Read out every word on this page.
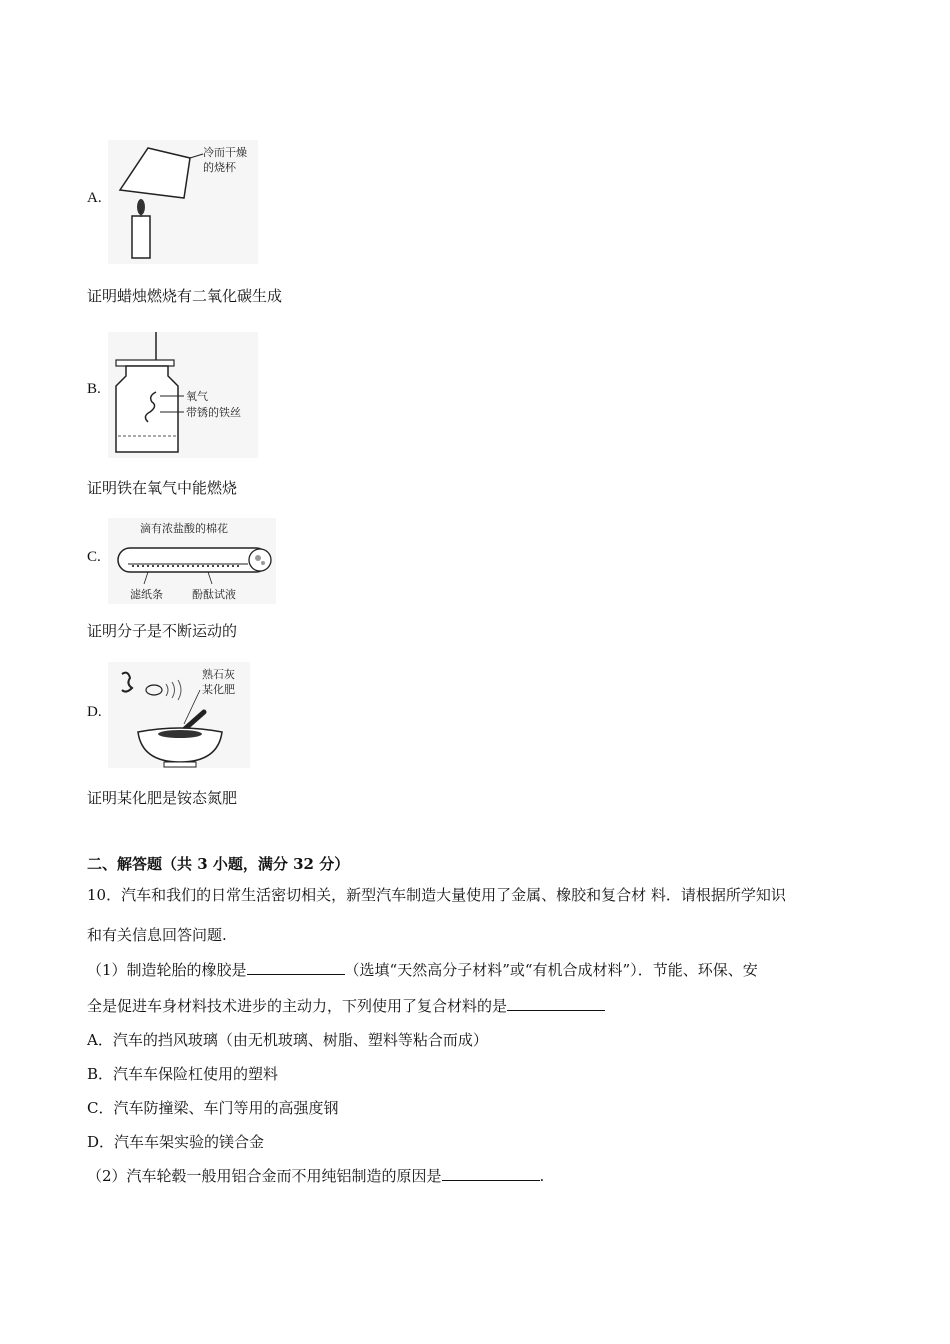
A.
冷而干燥
的烧杯
证明蜡烛燃烧有二氧化碳生成
B.	氧气
带锈的铁丝
证明铁在氧气中能燃烧
C.
滴有浓盐酸的棉花
滤纸条	酚酞试液
证明分子是不断运动的
D.
熟石灰
某化肥
证明某化肥是铵态氮肥
二、解答题（共 3 小题，满分 32 分）
10．汽车和我们的日常生活密切相关，新型汽车制造大量使用了金属、橡胶和复合材 料．请根据所学知识
和有关信息回答问题.
（1）制造轮胎的橡胶是	（选填“天然高分子材料”或“有机合成材料”）．节能、环保、安
全是促进车身材料技术进步的主动力，下列使用了复合材料的是
A．汽车的挡风玻璃（由无机玻璃、树脂、塑料等粘合而成）
B．汽车车保险杠使用的塑料
C．汽车防撞梁、车门等用的高强度钢
D．汽车车架实验的镁合金
（2）汽车轮毂一般用铝合金而不用纯铝制造的原因是	.
